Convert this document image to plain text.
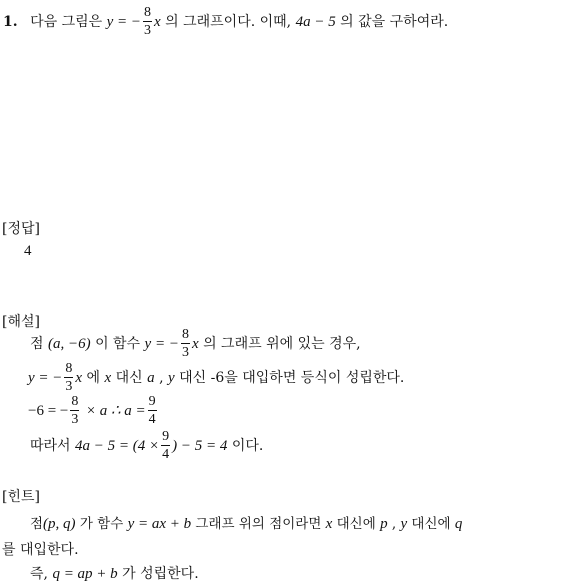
1. 다음 그림은 y = − $\frac{8}{3}$ x 의 그래프이다. 이때, 4a − 5 의 값을 구하여라.
[정답]
4
[해설]
점 (a, −6) 이 함수 y = − $\frac{8}{3}$ x 의 그래프 위에 있는 경우,
y = − $\frac{8}{3}$ x 에 x 대신 a , y 대신 -6을 대입하면 등식이 성립한다.
−6 = − $\frac{8}{3} \times a$ ∴ $a = \frac{9}{4}$
따라서 $4a - 5 = (4 \times \frac{9}{4}$ ) − 5 = 4 이다.
[힌트]
점(p, q) 가 함수 y = ax + b 그래프 위의 점이라면 x 대신에 p , y 대신에 q
를 대입한다.
즉, q = ap + b 가 성립한다.
